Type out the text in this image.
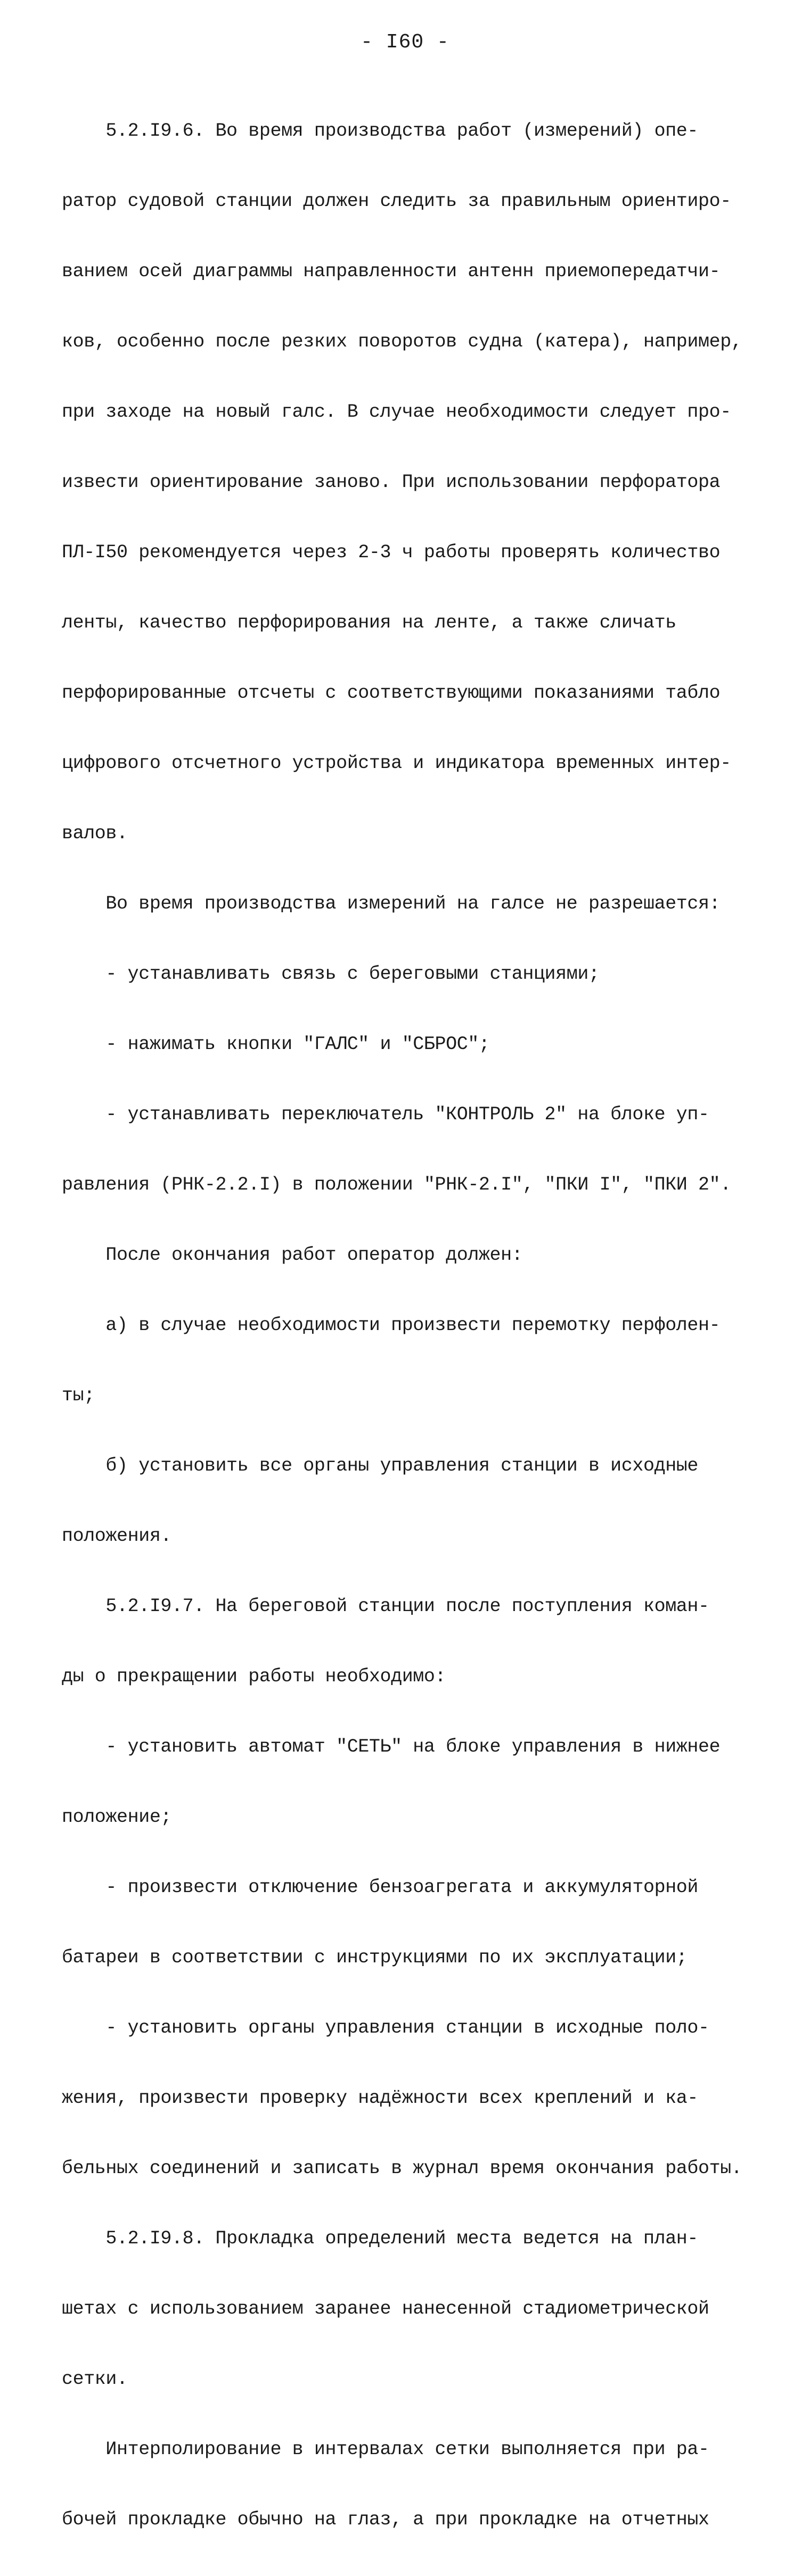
- I60 -

5.2.I9.6. Во время производства работ (измерений) опе-

ратор судовой станции должен следить за правильным ориентиро-

ванием осей диаграммы направленности антенн приемопередатчи-

ков, особенно после резких поворотов судна (катера), например,

при заходе на новый галс. В случае необходимости следует про-

извести ориентирование заново. При использовании перфоратора

ПЛ-I50 рекомендуется через 2-3 ч работы проверять количество

ленты, качество перфорирования на ленте, а также сличать

перфорированные отсчеты с соответствующими показаниями табло

цифрового отсчетного устройства и индикатора временных интер-

валов.

Во время производства измерений на галсе не разрешается:

- устанавливать связь с береговыми станциями;

- нажимать кнопки "ГАЛС" и "СБРОС";

- устанавливать переключатель "КОНТРОЛЬ 2" на блоке уп-

равления (РНК-2.2.I) в положении "РНК-2.I", "ПКИ I", "ПКИ 2".

После окончания работ оператор должен:

а) в случае необходимости произвести перемотку перфолен-

ты;

б) установить все органы управления станции в исходные

положения.

5.2.I9.7. На береговой станции после поступления коман-

ды о прекращении работы необходимо:

- установить автомат "СЕТЬ" на блоке управления в нижнее

положение;

- произвести отключение бензоагрегата и аккумуляторной

батареи в соответствии с инструкциями по их эксплуатации;

- установить органы управления станции в исходные поло-

жения, произвести проверку надёжности всех креплений и ка-

бельных соединений и записать в журнал время окончания работы.

5.2.I9.8. Прокладка определений места ведется на план-

шетах с использованием заранее нанесенной стадиометрической

сетки.

Интерполирование в интервалах сетки выполняется при ра-

бочей прокладке обычно на глаз, а при прокладке на отчетных
